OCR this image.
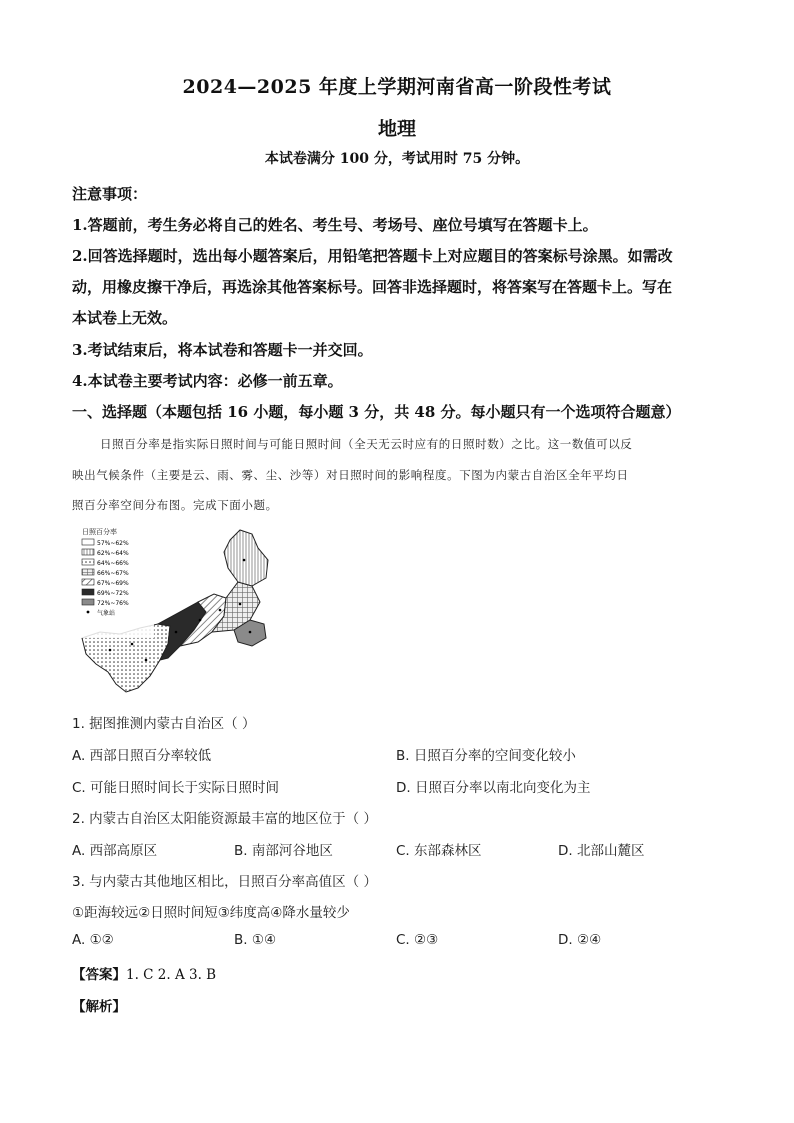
2024—2025 年度上学期河南省高一阶段性考试
地理
本试卷满分 100 分，考试用时 75 分钟。
注意事项：
1.答题前，考生务必将自己的姓名、考生号、考场号、座位号填写在答题卡上。
2.回答选择题时，选出每小题答案后，用铅笔把答题卡上对应题目的答案标号涂黑。如需改
动，用橡皮擦干净后，再选涂其他答案标号。回答非选择题时，将答案写在答题卡上。写在
本试卷上无效。
3.考试结束后，将本试卷和答题卡一并交回。
4.本试卷主要考试内容：必修一前五章。
一、选择题（本题包括 16 小题，每小题 3 分，共 48 分。每小题只有一个选项符合题意）
日照百分率是指实际日照时间与可能日照时间（全天无云时应有的日照时数）之比。这一数值可以反
映出气候条件（主要是云、雨、雾、尘、沙等）对日照时间的影响程度。下图为内蒙古自治区全年平均日
照百分率空间分布图。完成下面小题。
日照百分率
57%~62%
62%~64%
64%~66%
66%~67%
67%~69%
69%~72%
72%~76%
气象站
1. 据图推测内蒙古自治区（ ）
A. 西部日照百分率较低	B. 日照百分率的空间变化较小
C. 可能日照时间长于实际日照时间	D. 日照百分率以南北向变化为主
2. 内蒙古自治区太阳能资源最丰富的地区位于（ ）
A. 西部高原区	B. 南部河谷地区	C. 东部森林区	D. 北部山麓区
3. 与内蒙古其他地区相比，日照百分率高值区（ ）
①距海较远②日照时间短③纬度高④降水量较少
A. ①②	B. ①④	C. ②③	D. ②④
【答案】1. C 2. A 3. B
【解析】
